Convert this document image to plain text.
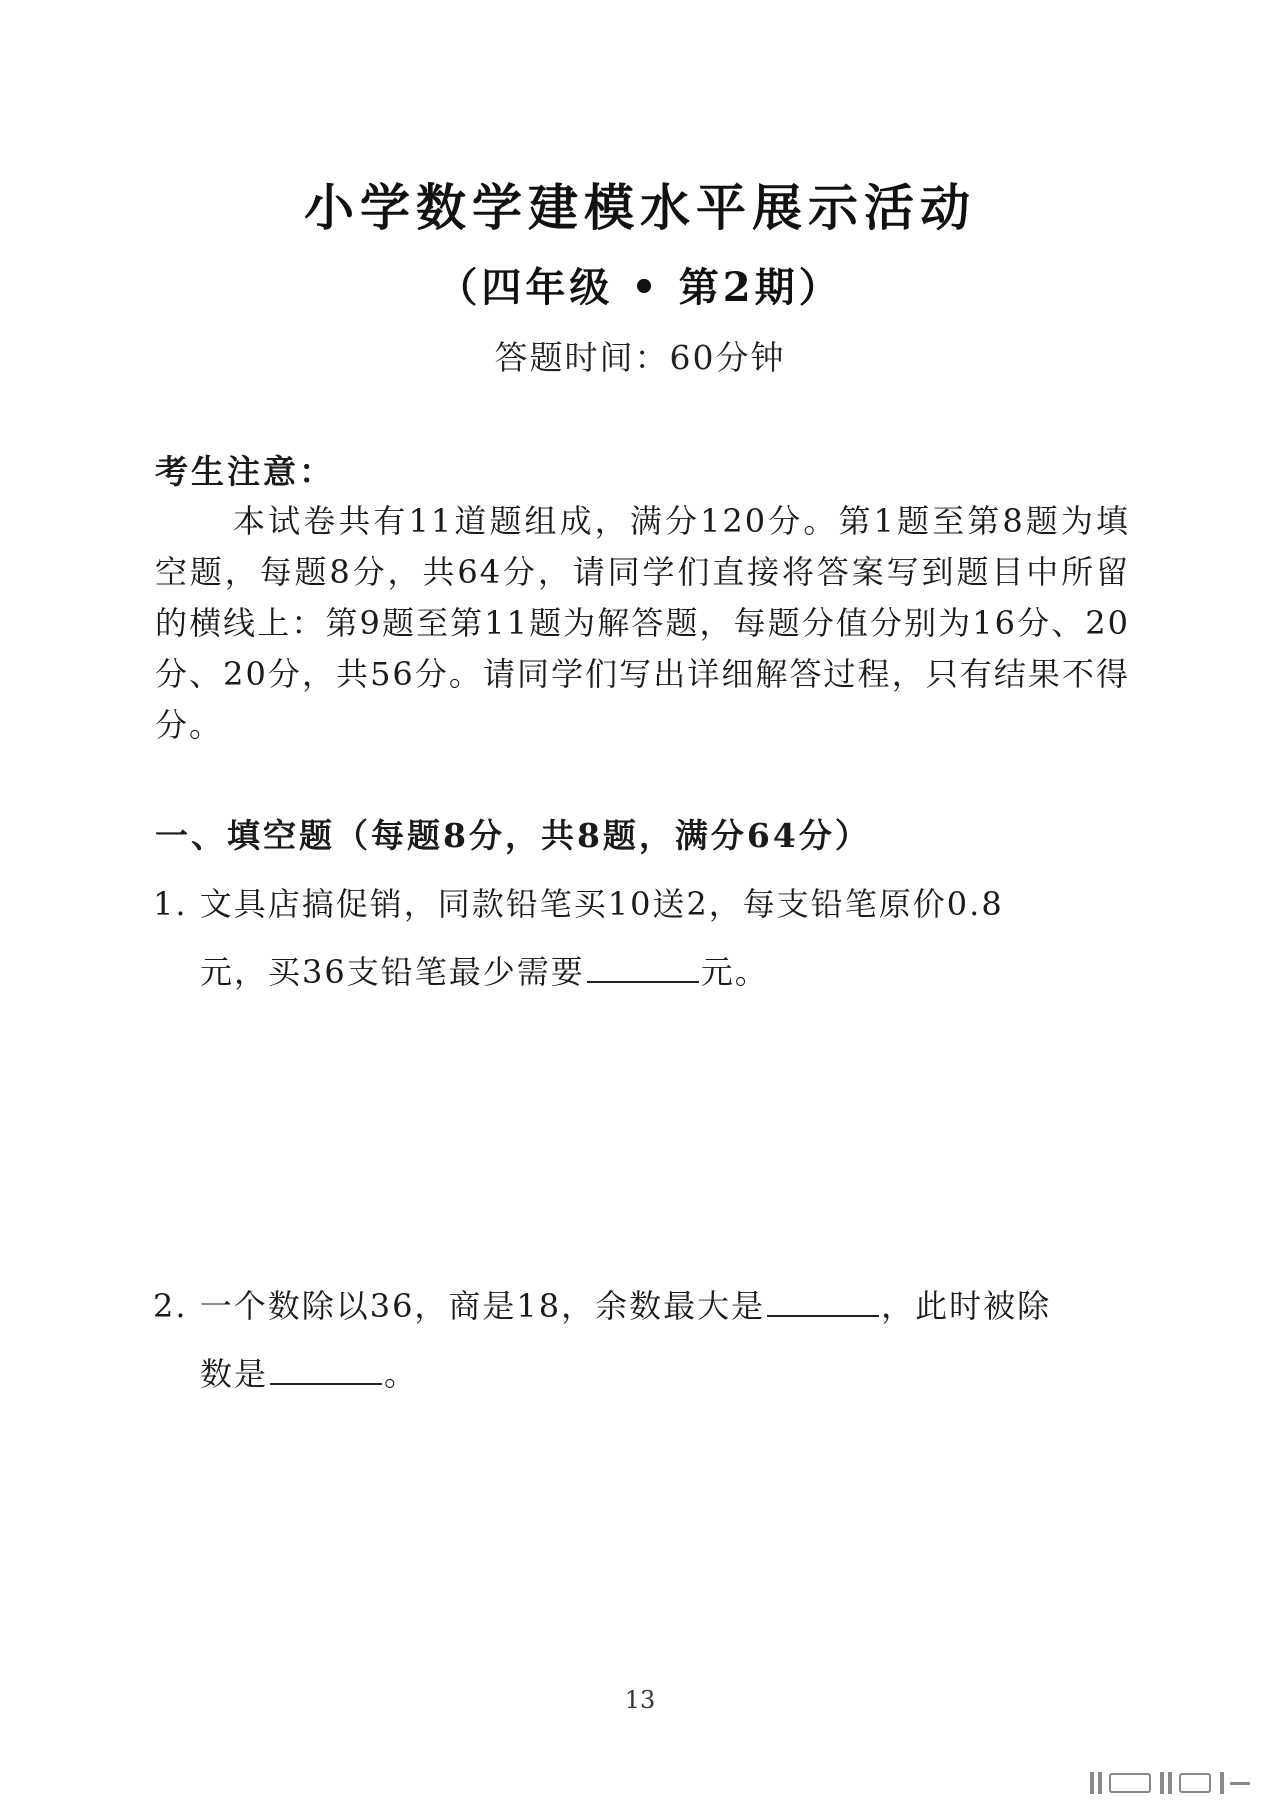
小学数学建模水平展示活动
（四年级 • 第2期）
答题时间：60分钟
考生注意：
本试卷共有11道题组成，满分120分。第1题至第8题为填空题，每题8分，共64分，请同学们直接将答案写到题目中所留的横线上：第9题至第11题为解答题，每题分值分别为16分、20分、20分，共56分。请同学们写出详细解答过程，只有结果不得分。
一、填空题（每题8分，共8题，满分64分）
1. 文具店搞促销，同款铅笔买10送2，每支铅笔原价0.8
元，买36支铅笔最少需要	元。
2. 一个数除以36，商是18，余数最大是	，此时被除
数是	。
13
